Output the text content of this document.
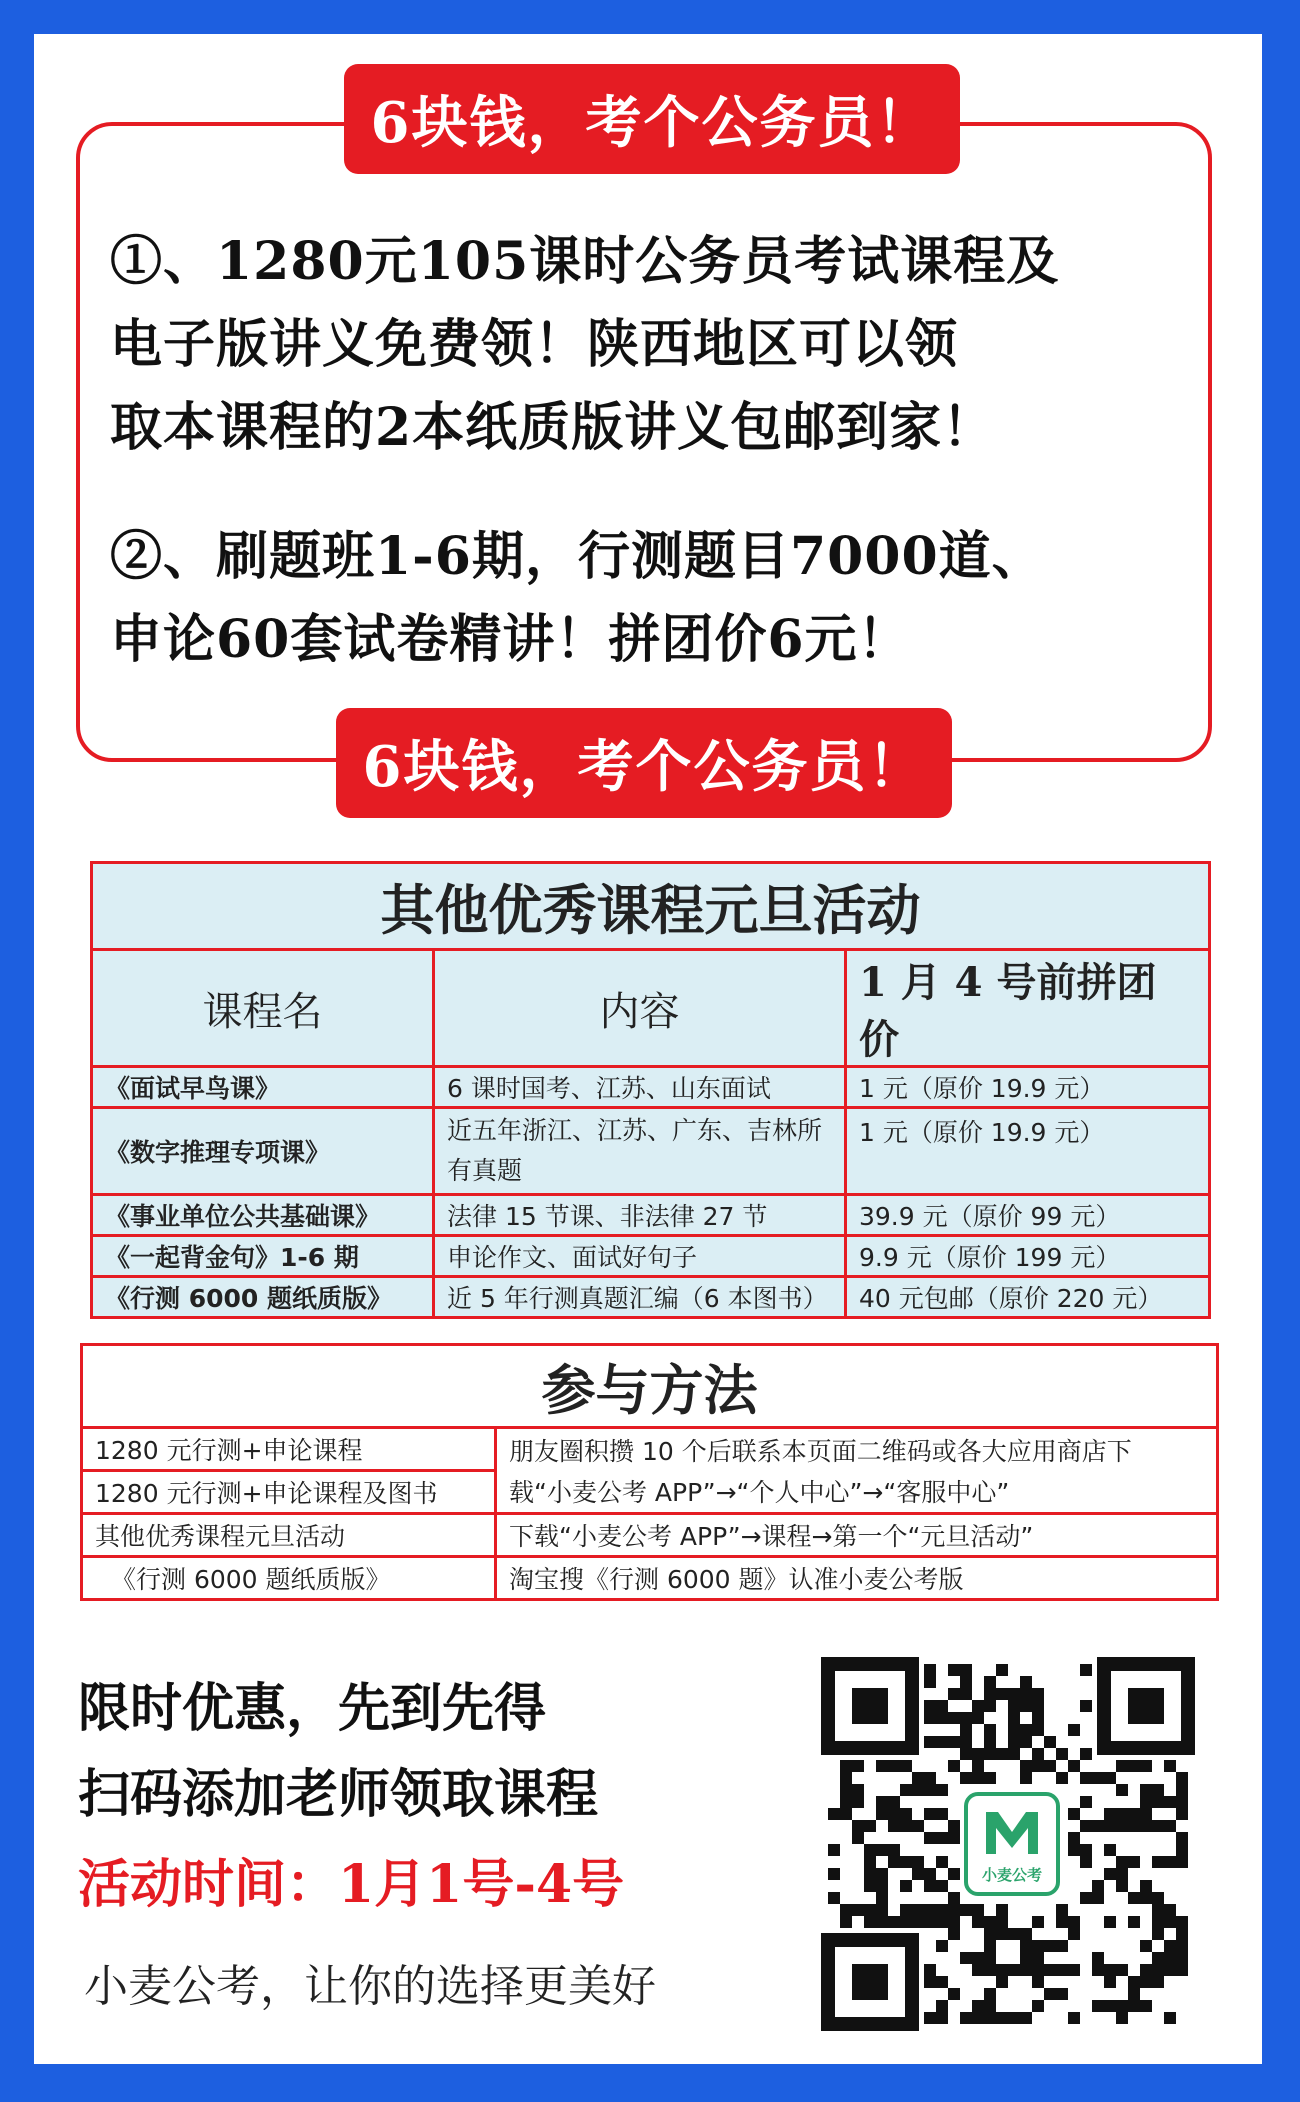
6块钱，考个公务员！
①、1280元105课时公务员考试课程及
电子版讲义免费领！陕西地区可以领
取本课程的2本纸质版讲义包邮到家！
②、刷题班1-6期，行测题目7000道、
申论60套试卷精讲！拼团价6元！
6块钱，考个公务员！
其他优秀课程元旦活动		
课程名	内容	1 月 4 号前拼团价
《面试早鸟课》	6 课时国考、江苏、山东面试	1 元（原价 19.9 元）
《数字推理专项课》	近五年浙江、江苏、广东、吉林所有真题	1 元（原价 19.9 元）
《事业单位公共基础课》	法律 15 节课、非法律 27 节	39.9 元（原价 99 元）
《一起背金句》1-6 期	申论作文、面试好句子	9.9 元（原价 199 元）
《行测 6000 题纸质版》	近 5 年行测真题汇编（6 本图书）	40 元包邮（原价 220 元）
参与方法	
1280 元行测+申论课程	朋友圈积攒 10 个后联系本页面二维码或各大应用商店下
1280 元行测+申论课程及图书	载“小麦公考 APP”→“个人中心”→“客服中心”
其他优秀课程元旦活动	下载“小麦公考 APP”→课程→第一个“元旦活动”
《行测 6000 题纸质版》	淘宝搜《行测 6000 题》认准小麦公考版
限时优惠，先到先得
扫码添加老师领取课程
活动时间：1月1号-4号
小麦公考，让你的选择更美好
小麦公考
